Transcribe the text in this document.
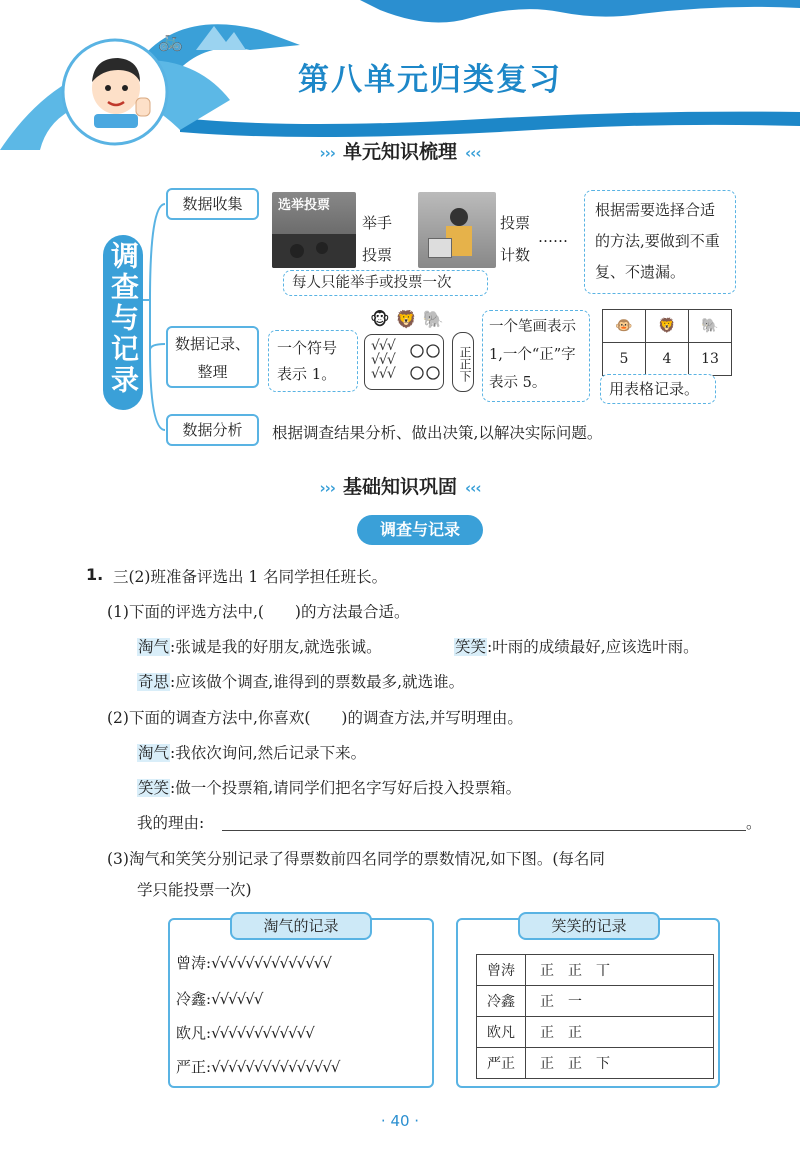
🚲
第八单元归类复习
››› 单元知识梳理 ‹‹‹
调查与记录
数据收集	选举投票
举手
投票
投票
计数
……
每人只能举手或投票一次
根据需要选择合适的方法,要做到不重复、不遗漏。
数据记录、
整理
一个符号表示 1。
√√√
√√√
√√√	正正下
🐵🦁🐘	一个笔画表示 1,一个“正”字表示 5。
🐵	🦁	🐘
5	4	13
用表格记录。
数据分析	根据调查结果分析、做出决策,以解决实际问题。
››› 基础知识巩固 ‹‹‹
调查与记录
1. 三(2)班准备评选出 1 名同学担任班长。
(1)下面的评选方法中,(　　)的方法最合适。
淘气:张诚是我的好朋友,就选张诚。	笑笑:叶雨的成绩最好,应该选叶雨。
奇思:应该做个调查,谁得到的票数最多,就选谁。
(2)下面的调查方法中,你喜欢(　　)的调查方法,并写明理由。
淘气:我依次询问,然后记录下来。
笑笑:做一个投票箱,请同学们把名字写好后投入投票箱。
我的理由:	。
(3)淘气和笑笑分别记录了得票数前四名同学的票数情况,如下图。(每名同
学只能投票一次)
淘气的记录
曾涛:√√√√√√√√√√√√√√
冷鑫:√√√√√√
欧凡:√√√√√√√√√√√√
严正:√√√√√√√√√√√√√√√
笑笑的记录
曾涛	正　正　丅
冷鑫	正　一
欧凡	正　正
严正	正　正　下
· 40 ·
